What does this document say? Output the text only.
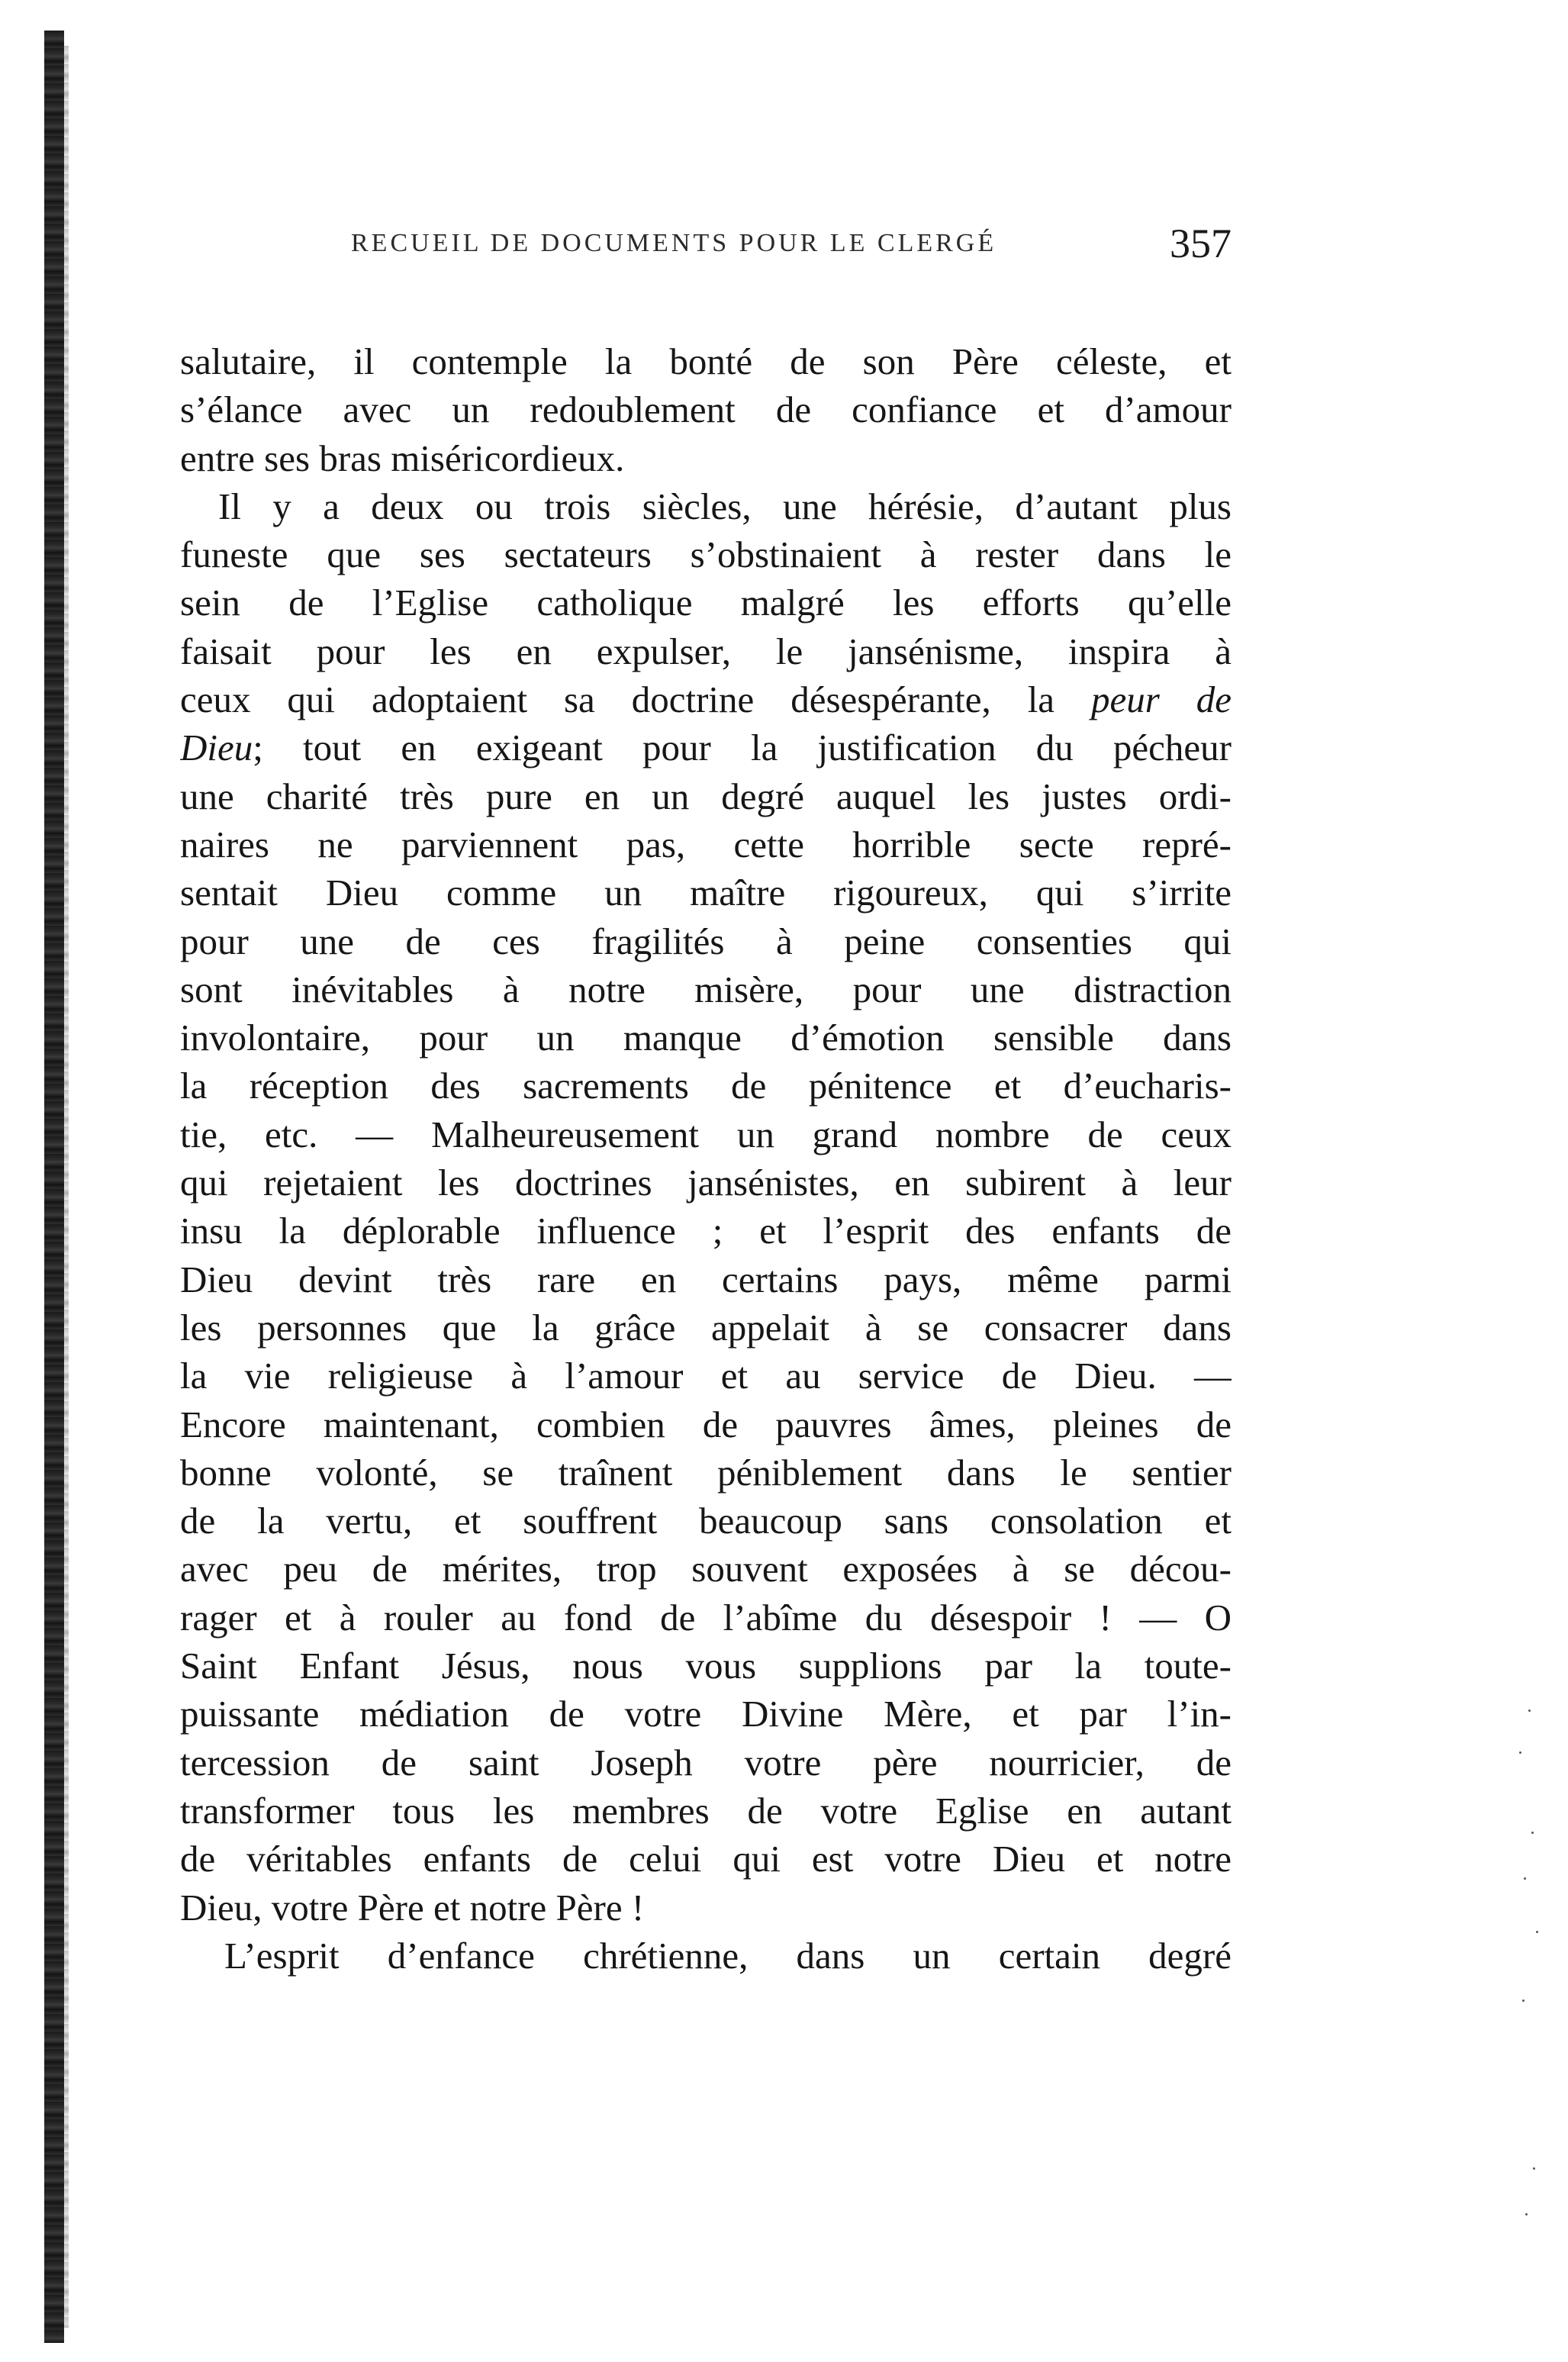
RECUEIL DE DOCUMENTS POUR LE CLERGÉ	357
salutaire, il contemple la bonté de son Père céleste, et
s’élance avec un redoublement de confiance et d’amour
entre ses bras miséricordieux.
Il y a deux ou trois siècles, une hérésie, d’autant plus
funeste que ses sectateurs s’obstinaient à rester dans le
sein de l’Eglise catholique malgré les efforts qu’elle
faisait pour les en expulser, le jansénisme, inspira à
ceux qui adoptaient sa doctrine désespérante, la peur de
Dieu; tout en exigeant pour la justification du pécheur
une charité très pure en un degré auquel les justes ordi-
naires ne parviennent pas, cette horrible secte repré-
sentait Dieu comme un maître rigoureux, qui s’irrite
pour une de ces fragilités à peine consenties qui
sont inévitables à notre misère, pour une distraction
involontaire, pour un manque d’émotion sensible dans
la réception des sacrements de pénitence et d’eucharis-
tie, etc. — Malheureusement un grand nombre de ceux
qui rejetaient les doctrines jansénistes, en subirent à leur
insu la déplorable influence ; et l’esprit des enfants de
Dieu devint très rare en certains pays, même parmi
les personnes que la grâce appelait à se consacrer dans
la vie religieuse à l’amour et au service de Dieu. —
Encore maintenant, combien de pauvres âmes, pleines de
bonne volonté, se traînent péniblement dans le sentier
de la vertu, et souffrent beaucoup sans consolation et
avec peu de mérites, trop souvent exposées à se décou-
rager et à rouler au fond de l’abîme du désespoir ! — O
Saint Enfant Jésus, nous vous supplions par la toute-
puissante médiation de votre Divine Mère, et par l’in-
tercession de saint Joseph votre père nourricier, de
transformer tous les membres de votre Eglise en autant
de véritables enfants de celui qui est votre Dieu et notre
Dieu, votre Père et notre Père !
L’esprit d’enfance chrétienne, dans un certain degré
